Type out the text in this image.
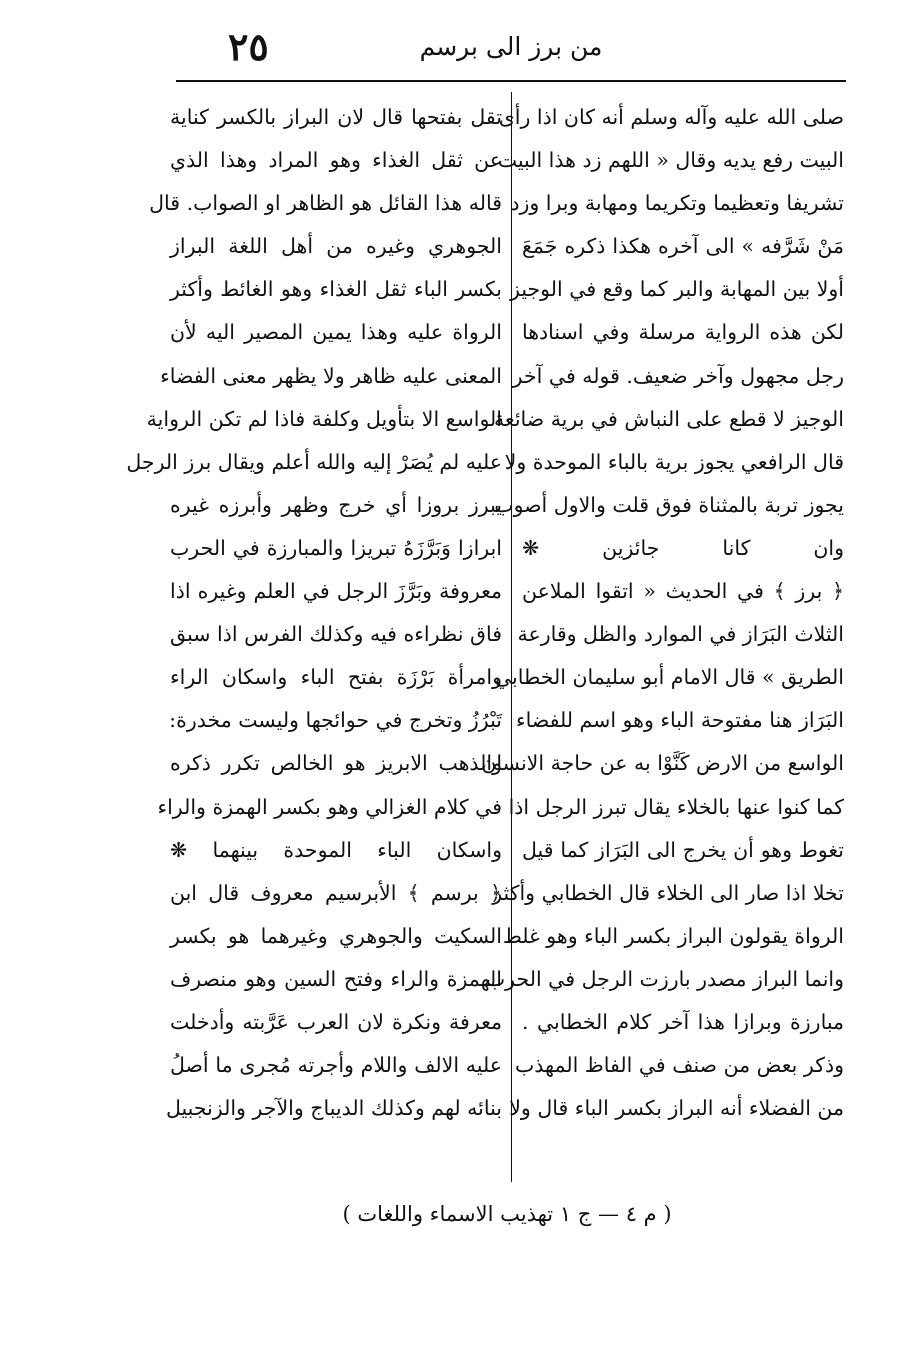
من برز الى برسم
٢٥
صلى الله عليه وآله وسلم أنه كان اذا رأى
البيت رفع يديه وقال « اللهم زد هذا البيت
تشريفا وتعظيما وتكريما ومهابة وبرا وزد
مَنْ شَرَّفه » الى آخره هكذا ذكره جَمَعَ
أولا بين المهابة والبر كما وقع في الوجيز
لكن هذه الرواية مرسلة وفي اسنادها
رجل مجهول وآخر ضعيف. قوله في آخر
الوجيز لا قطع على النباش في برية ضائعة
قال الرافعي يجوز برية بالباء الموحدة ولا
يجوز تربة بالمثناة فوق قلت والاول أصوب
وان كانا جائزين ❋
﴿ برز ﴾ في الحديث « اتقوا الملاعن
الثلاث البَرَاز في الموارد والظل وقارعة
الطريق » قال الامام أبو سليمان الخطابي
البَرَاز هنا مفتوحة الباء وهو اسم للفضاء
الواسع من الارض كَنَّوْا به عن حاجة الانسان
كما كنوا عنها بالخلاء يقال تبرز الرجل اذا
تغوط وهو أن يخرج الى البَرَاز كما قيل
تخلا اذا صار الى الخلاء قال الخطابي وأكثر
الرواة يقولون البراز بكسر الباء وهو غلط
وانما البراز مصدر بارزت الرجل في الحرب
مبارزة وبرازا هذا آخر كلام الخطابي .
وذكر بعض من صنف في الفاظ المهذب
من الفضلاء أنه البراز بكسر الباء قال ولا
تقل بفتحها قال لان البراز بالكسر كناية
عن ثقل الغذاء وهو المراد وهذا الذي
قاله هذا القائل هو الظاهر او الصواب. قال
الجوهري وغيره من أهل اللغة البراز
بكسر الباء ثقل الغذاء وهو الغائط وأكثر
الرواة عليه وهذا يمين المصير اليه لأن
المعنى عليه ظاهر ولا يظهر معنى الفضاء
الواسع الا بتأويل وكلفة فاذا لم تكن الرواية
عليه لم يُصَرْ إليه والله أعلم ويقال برز الرجل
يبرز بروزا أي خرج وظهر وأبرزه غيره
ابرازا وَبَرَّزَهُ تبريزا والمبارزة في الحرب
معروفة وبَرَّزَ الرجل في العلم وغيره اذا
فاق نظراءه فيه وكذلك الفرس اذا سبق
وامرأة بَرْزَة بفتح الباء واسكان الراء
تَبْرُزُ وتخرج في حوائجها وليست مخدرة:
والذهب الابريز هو الخالص تكرر ذكره
في كلام الغزالي وهو بكسر الهمزة والراء
واسكان الباء الموحدة بينهما ❋
﴿ برسم ﴾ الأبرسيم معروف قال ابن
السكيت والجوهري وغيرهما هو بكسر
الهمزة والراء وفتح السين وهو منصرف
معرفة ونكرة لان العرب عَرَّبته وأدخلت
عليه الالف واللام وأجرته مُجرى ما أصلُ
بنائه لهم وكذلك الديباج والآجر والزنجبيل
( م ٤ — ج ١ تهذيب الاسماء واللغات )
